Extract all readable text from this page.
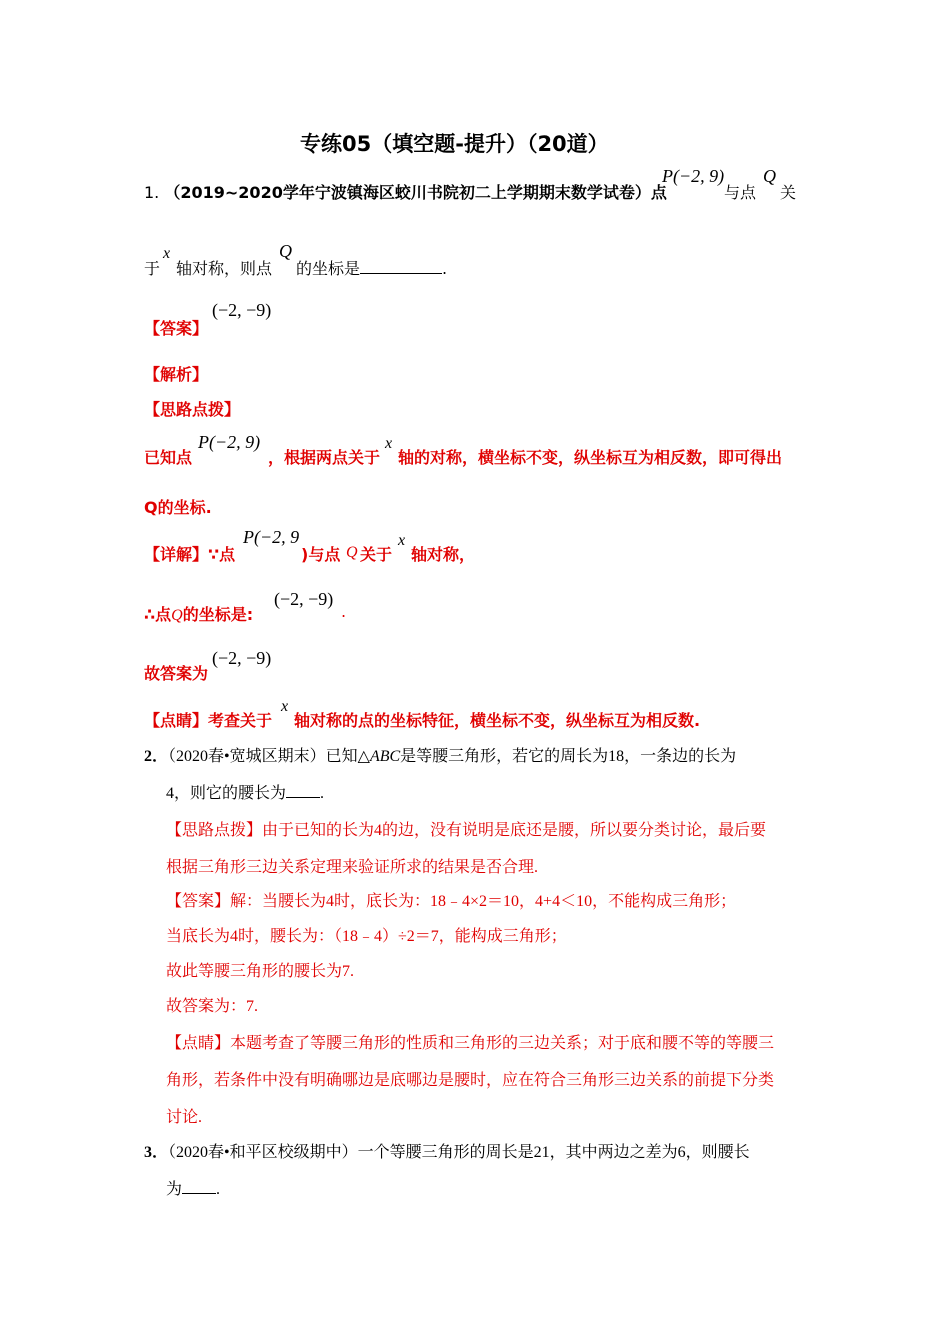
专练05（填空题-提升）（20道）
1. （2019~2020学年宁波镇海区蛟川书院初二上学期期末数学试卷）点
P(−2, 9)
与点
Q
关
于
x
轴对称，则点
Q
的坐标是	.
【答案】
(−2, −9)
【解析】
【思路点拨】
已知点
P(−2, 9)
，根据两点关于
x
轴的对称，横坐标不变，纵坐标互为相反数，即可得出
Q的坐标.
【详解】∵点
P(−2, 9
)与点 Q 关于
x
轴对称，
∴点Q的坐标是:
(−2, −9)
.
故答案为
(−2, −9)
【点睛】考查关于
x
轴对称的点的坐标特征，横坐标不变，纵坐标互为相反数.
2．（2020春•宽城区期末）已知△ABC是等腰三角形，若它的周长为18，一条边的长为
4，则它的腰长为 .
【思路点拨】由于已知的长为4的边，没有说明是底还是腰，所以要分类讨论，最后要
根据三角形三边关系定理来验证所求的结果是否合理.
【答案】解：当腰长为4时，底长为：18﹣4×2＝10，4+4＜10，不能构成三角形；
当底长为4时，腰长为：（18﹣4）÷2＝7，能构成三角形；
故此等腰三角形的腰长为7.
故答案为：7.
【点睛】本题考查了等腰三角形的性质和三角形的三边关系；对于底和腰不等的等腰三
角形，若条件中没有明确哪边是底哪边是腰时，应在符合三角形三边关系的前提下分类
讨论.
3．（2020春•和平区校级期中）一个等腰三角形的周长是21，其中两边之差为6，则腰长
为 .
